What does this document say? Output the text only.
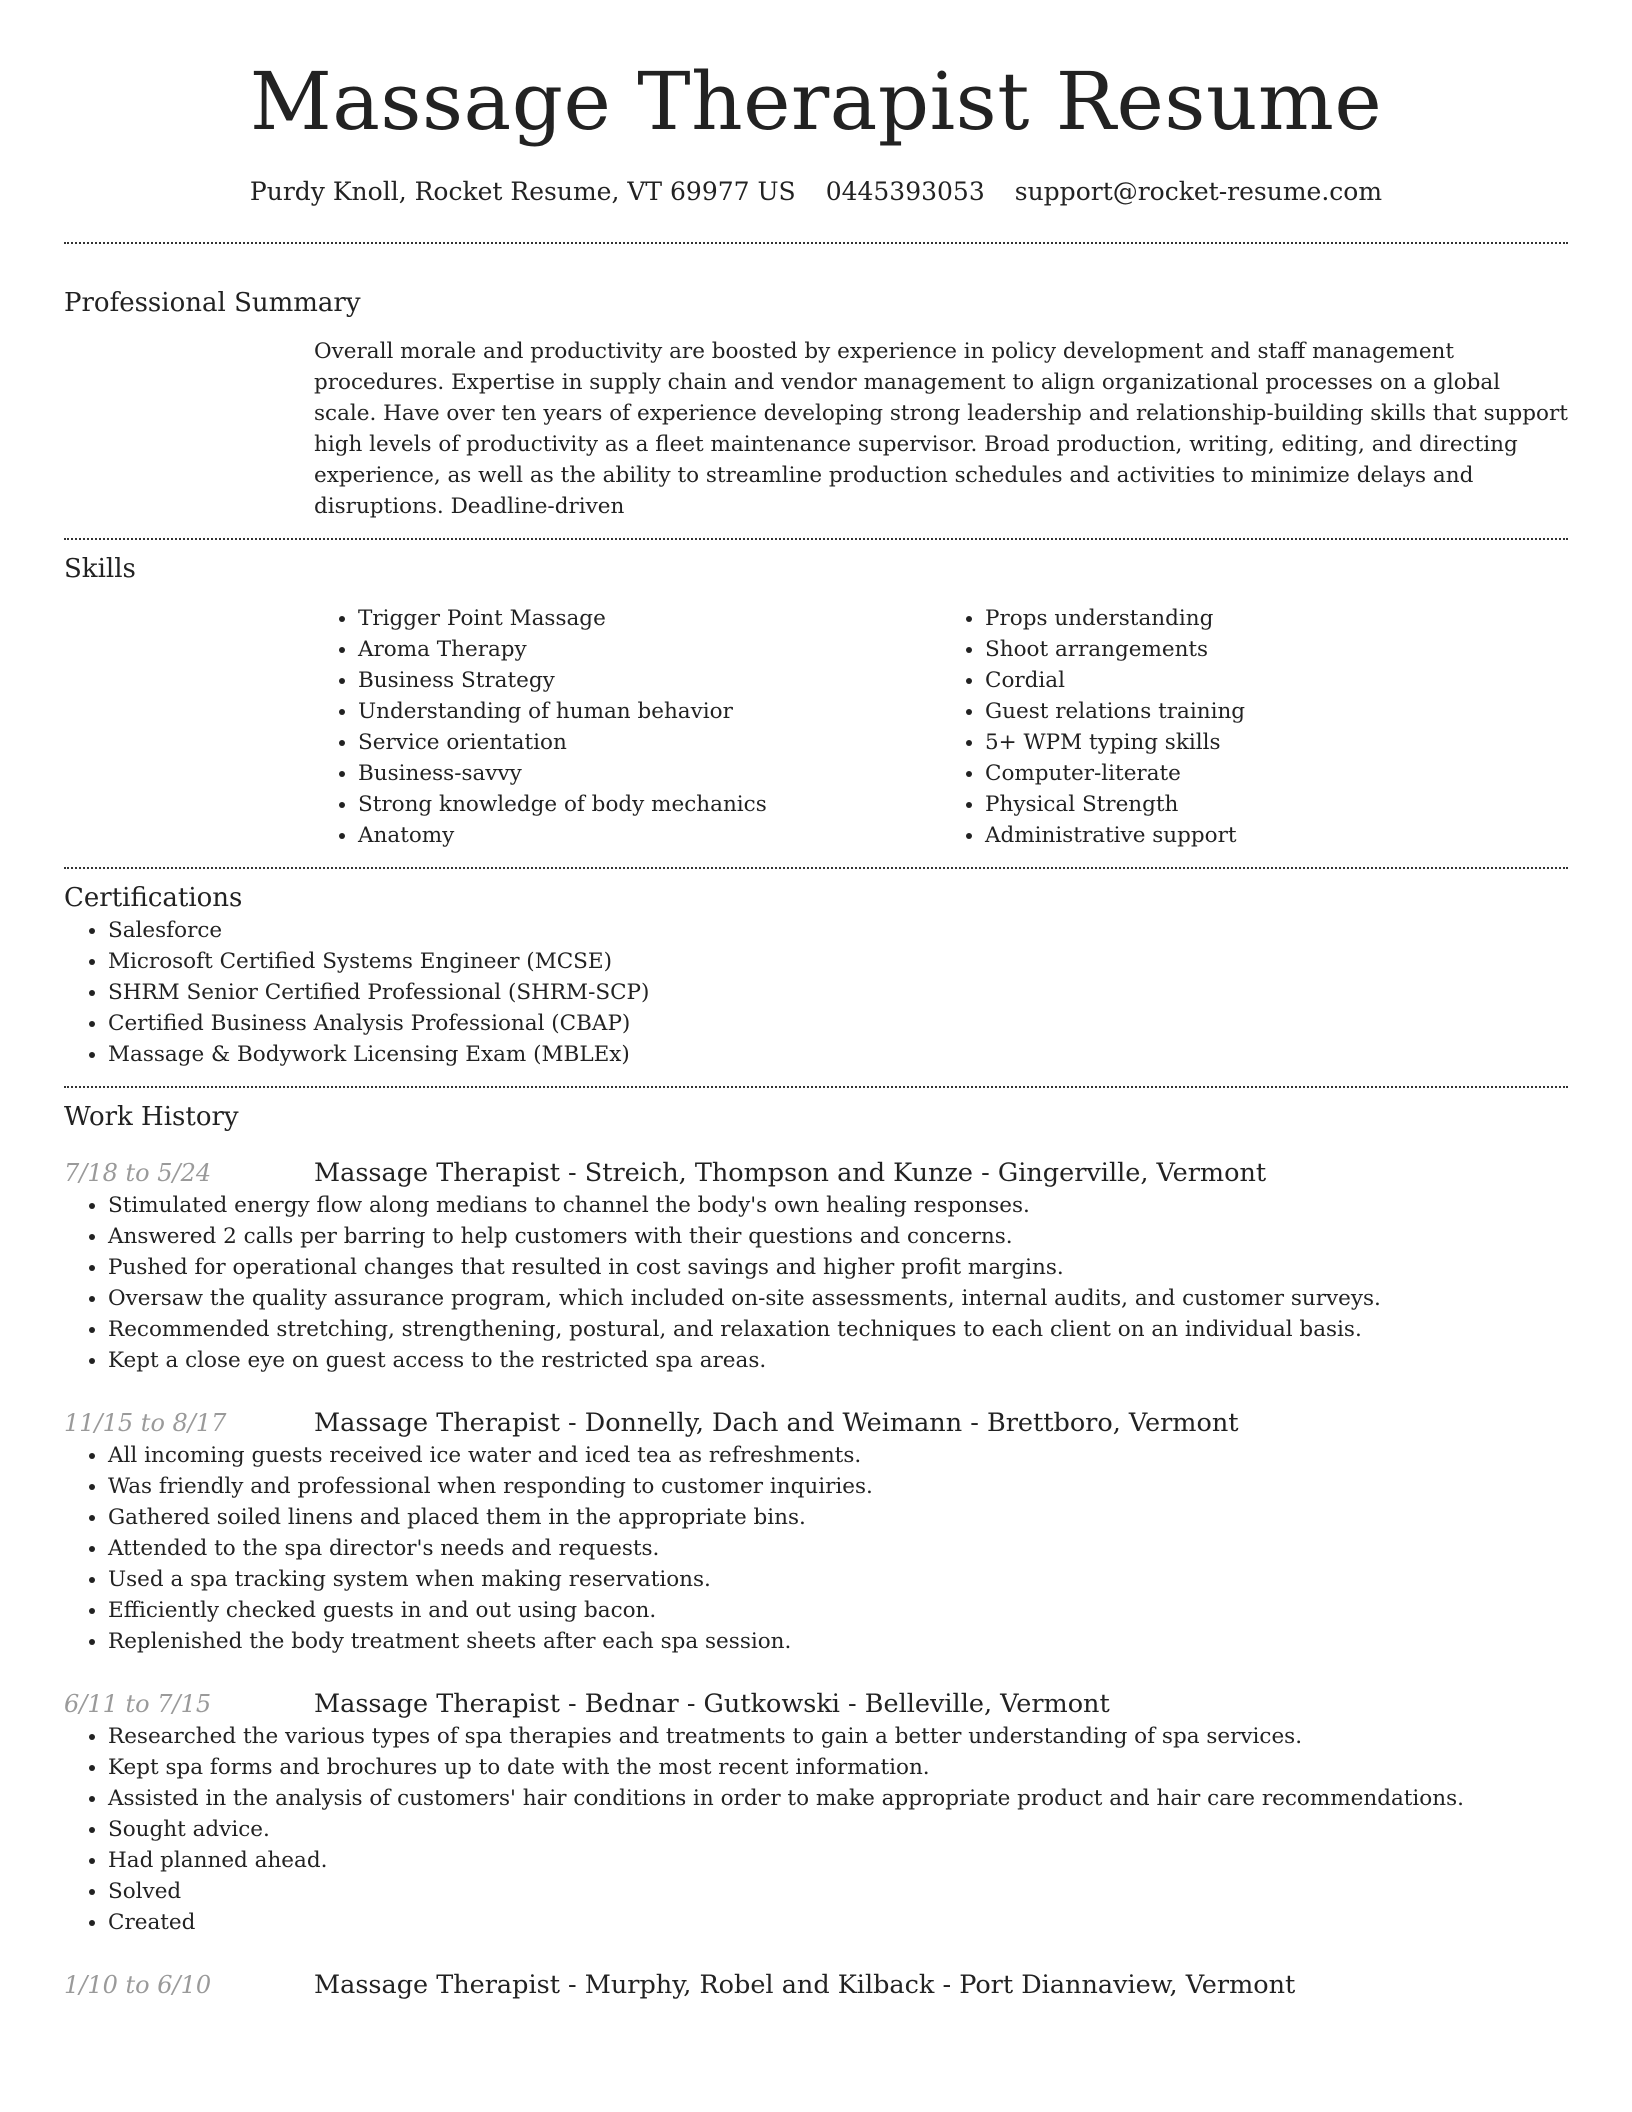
Massage Therapist Resume
Purdy Knoll, Rocket Resume, VT 69977 US 0445393053 support@rocket-resume.com
Professional Summary

Overall morale and productivity are boosted by experience in policy development and staff management procedures. Expertise in supply chain and vendor management to align organizational processes on a global scale. Have over ten years of experience developing strong leadership and relationship-building skills that support high levels of productivity as a fleet maintenance supervisor. Broad production, writing, editing, and directing experience, as well as the ability to streamline production schedules and activities to minimize delays and disruptions. Deadline-driven

Skills
• Trigger Point Massage
• Aroma Therapy
• Business Strategy
• Understanding of human behavior
• Service orientation
• Business-savvy
• Strong knowledge of body mechanics
• Anatomy
• Props understanding
• Shoot arrangements
• Cordial
• Guest relations training
• 5+ WPM typing skills
• Computer-literate
• Physical Strength
• Administrative support
Certifications
• Salesforce
• Microsoft Certified Systems Engineer (MCSE)
• SHRM Senior Certified Professional (SHRM-SCP)
• Certified Business Analysis Professional (CBAP)
• Massage & Bodywork Licensing Exam (MBLEx)
Work History
7/18 to 5/24	Massage Therapist - Streich, Thompson and Kunze - Gingerville, Vermont
• Stimulated energy flow along medians to channel the body's own healing responses.
• Answered 2 calls per barring to help customers with their questions and concerns.
• Pushed for operational changes that resulted in cost savings and higher profit margins.
• Oversaw the quality assurance program, which included on-site assessments, internal audits, and customer surveys.
• Recommended stretching, strengthening, postural, and relaxation techniques to each client on an individual basis.
• Kept a close eye on guest access to the restricted spa areas.
11/15 to 8/17	Massage Therapist - Donnelly, Dach and Weimann - Brettboro, Vermont
• All incoming guests received ice water and iced tea as refreshments.
• Was friendly and professional when responding to customer inquiries.
• Gathered soiled linens and placed them in the appropriate bins.
• Attended to the spa director's needs and requests.
• Used a spa tracking system when making reservations.
• Efficiently checked guests in and out using bacon.
• Replenished the body treatment sheets after each spa session.
6/11 to 7/15	Massage Therapist - Bednar - Gutkowski - Belleville, Vermont
• Researched the various types of spa therapies and treatments to gain a better understanding of spa services.
• Kept spa forms and brochures up to date with the most recent information.
• Assisted in the analysis of customers' hair conditions in order to make appropriate product and hair care recommendations.
• Sought advice.
• Had planned ahead.
• Solved
• Created
1/10 to 6/10	Massage Therapist - Murphy, Robel and Kilback - Port Diannaview, Vermont
